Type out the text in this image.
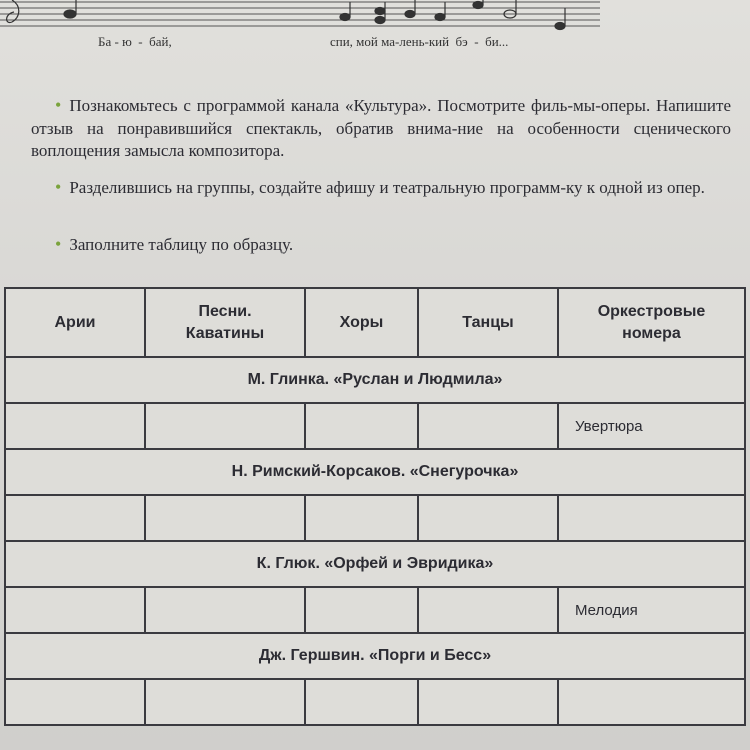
Ба - ю  -  бай,	спи, мой ма-лень-кий  бэ  -  би...
• Познакомьтесь с программой канала «Культура». Посмотрите филь-мы-оперы. Напишите отзыв на понравившийся спектакль, обратив внима-ние на особенности сценического воплощения замысла композитора.
• Разделившись на группы, создайте афишу и театральную программ-ку к одной из опер.
• Заполните таблицу по образцу.
Арии	Песни. Каватины	Хоры	Танцы	Оркестровые номера
М. Глинка. «Руслан и Людмила»				
				Увертюра
Н. Римский-Корсаков. «Снегурочка»				

К. Глюк. «Орфей и Эвридика»				
				Мелодия
Дж. Гершвин. «Порги и Бесс»				
